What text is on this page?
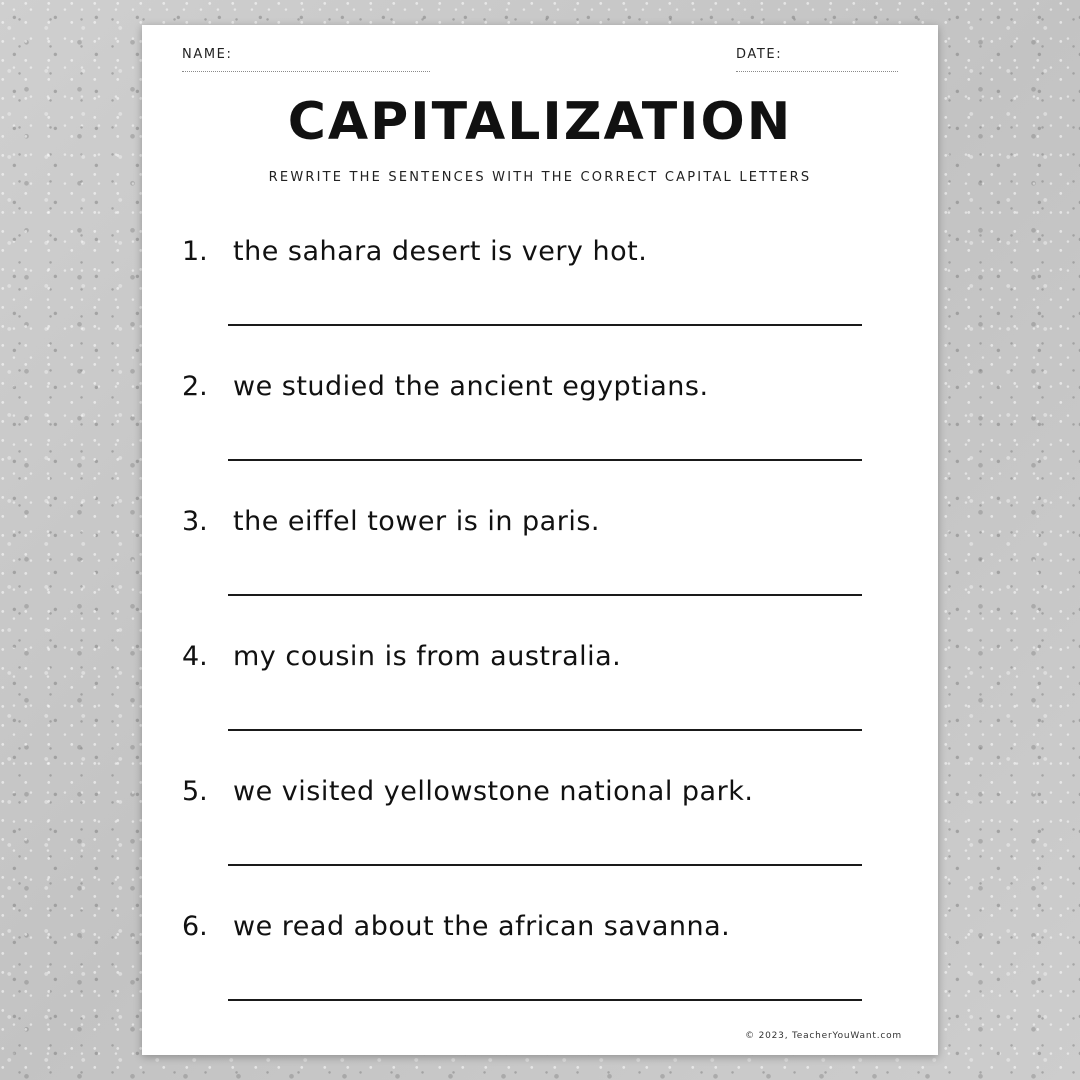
NAME:	DATE:
CAPITALIZATION
REWRITE THE SENTENCES WITH THE CORRECT CAPITAL LETTERS
1. the sahara desert is very hot.
2. we studied the ancient egyptians.
3. the eiffel tower is in paris.
4. my cousin is from australia.
5. we visited yellowstone national park.
6. we read about the african savanna.
© 2023, TeacherYouWant.com
